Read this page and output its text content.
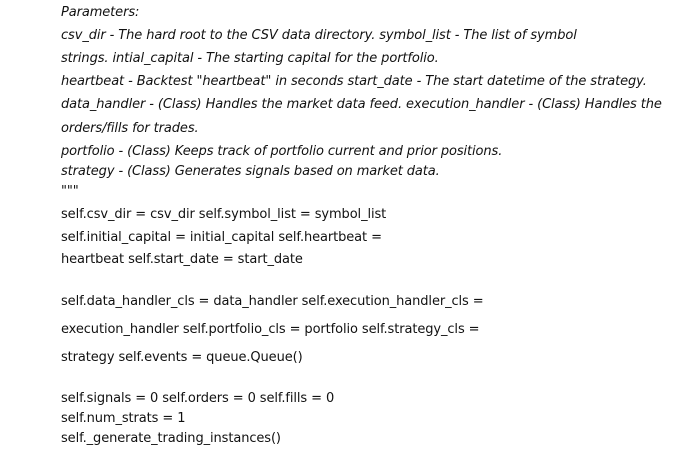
Parameters:
csv_dir - The hard root to the CSV data directory. symbol_list - The list of symbol
strings. intial_capital - The starting capital for the portfolio.
heartbeat - Backtest "heartbeat" in seconds start_date - The start datetime of the strategy.
data_handler - (Class) Handles the market data feed. execution_handler - (Class) Handles the
orders/fills for trades.
portfolio - (Class) Keeps track of portfolio current and prior positions.
strategy - (Class) Generates signals based on market data.
"""
self.csv_dir = csv_dir self.symbol_list = symbol_list
self.initial_capital = initial_capital self.heartbeat =
heartbeat self.start_date = start_date
self.data_handler_cls = data_handler self.execution_handler_cls =
execution_handler self.portfolio_cls = portfolio self.strategy_cls =
strategy self.events = queue.Queue()
self.signals = 0 self.orders = 0 self.fills = 0
self.num_strats = 1
self._generate_trading_instances()
